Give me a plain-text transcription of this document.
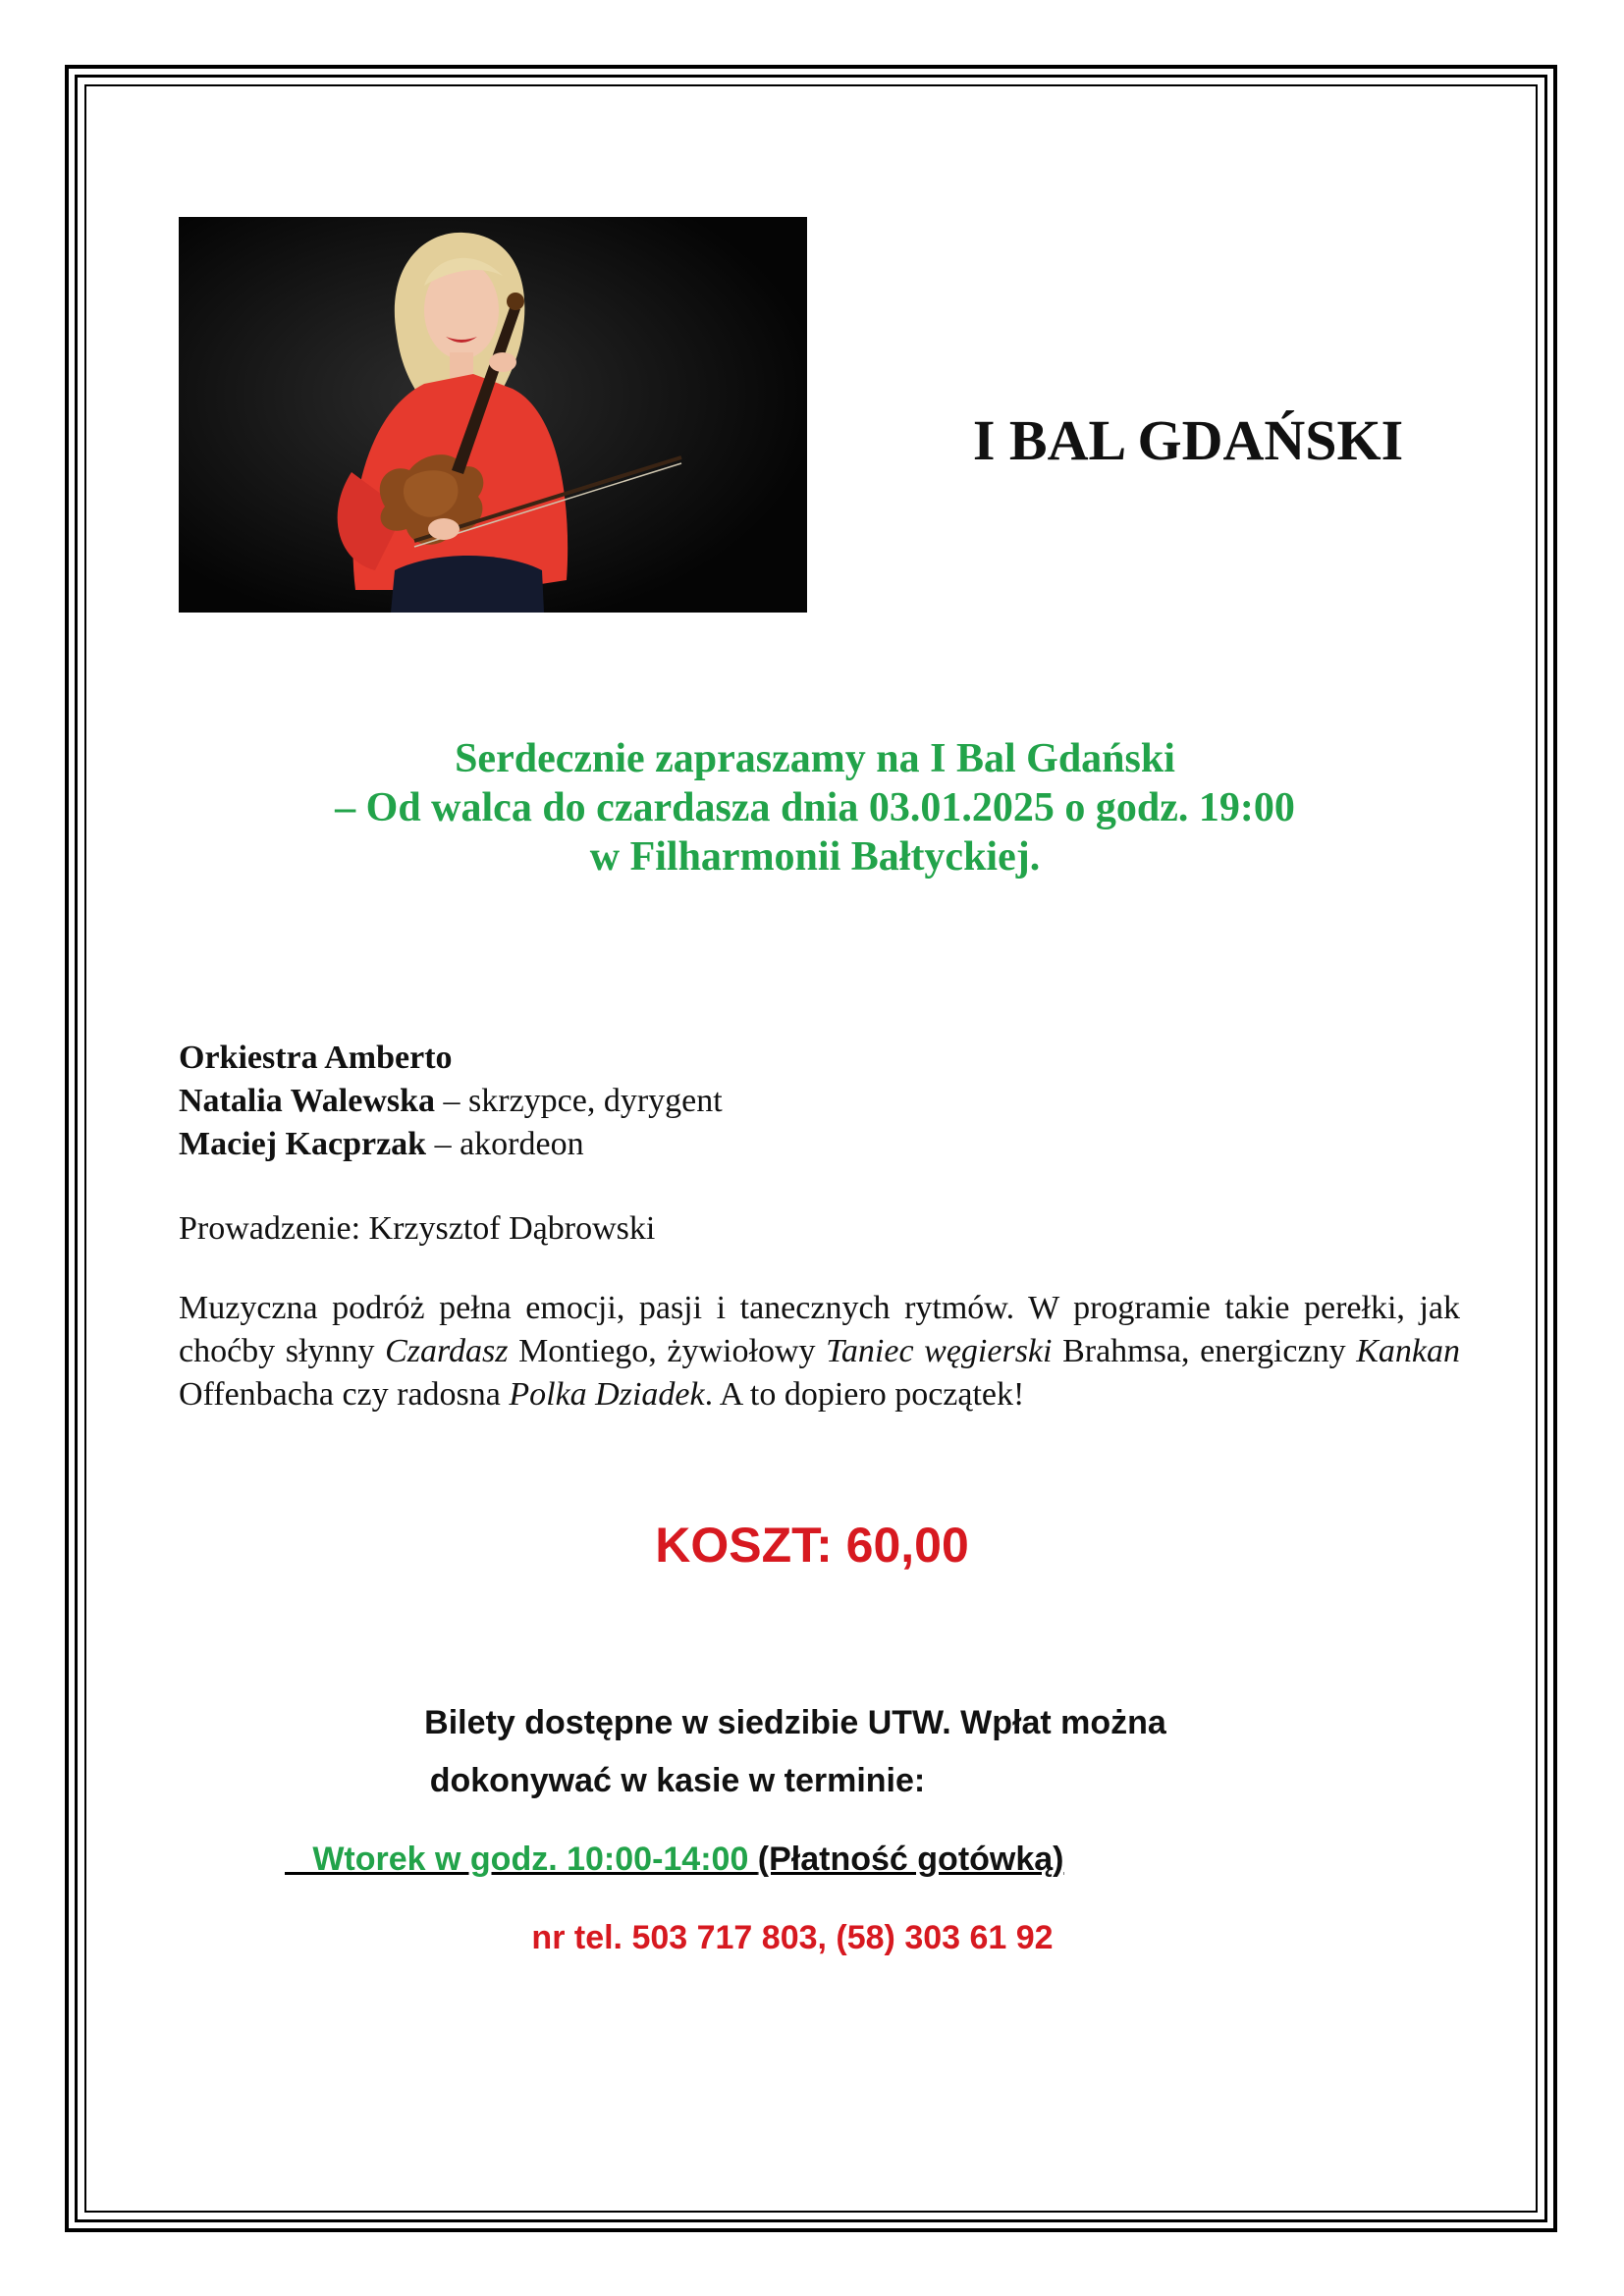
I BAL GDAŃSKI
Serdecznie zapraszamy na I Bal Gdański
– Od walca do czardasza dnia 03.01.2025 o godz. 19:00
w Filharmonii Bałtyckiej.
Orkiestra Amberto
Natalia Walewska – skrzypce, dyrygent
Maciej Kacprzak – akordeon
Prowadzenie: Krzysztof Dąbrowski

Muzyczna podróż pełna emocji, pasji i tanecznych rytmów. W programie takie perełki, jak choćby słynny Czardasz Montiego, żywiołowy Taniec węgierski Brahmsa, energiczny Kankan Offenbacha czy radosna Polka Dziadek. A to dopiero początek!

KOSZT: 60,00
Bilety dostępne w siedzibie UTW. Wpłat można
dokonywać w kasie w terminie:
Wtorek w godz. 10:00-14:00 (Płatność gotówką)
nr tel. 503 717 803, (58) 303 61 92
